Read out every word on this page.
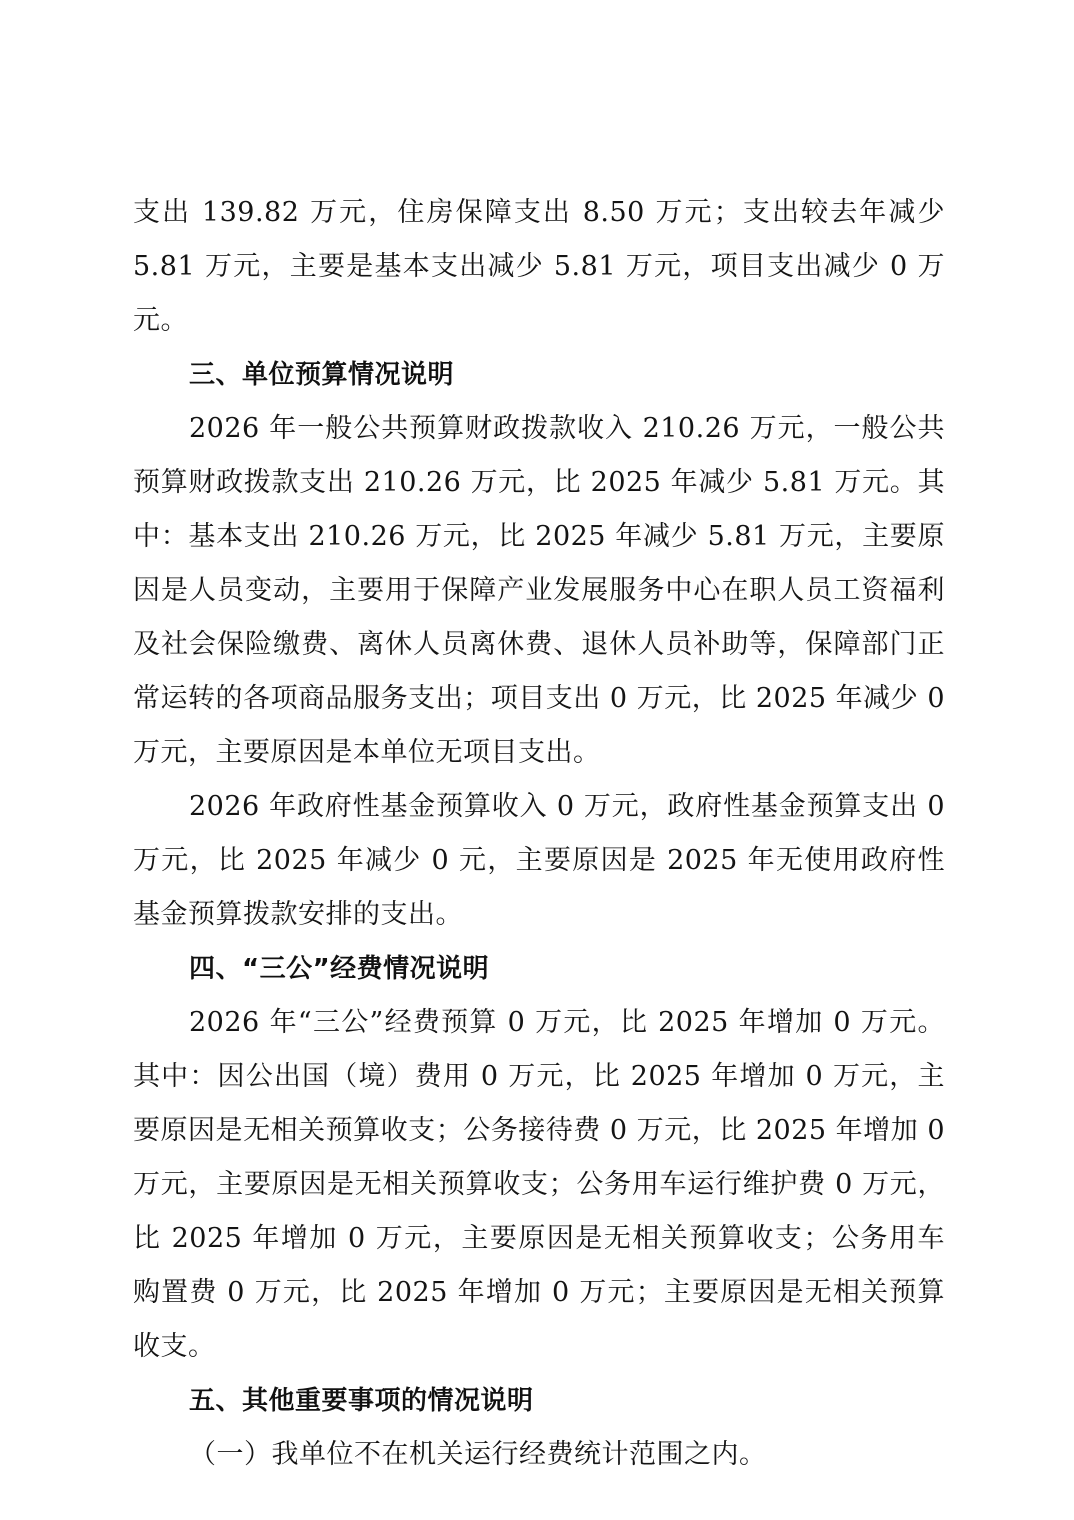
支出 139.82 万元，住房保障支出 8.50 万元；支出较去年减少 5.81 万元，主要是基本支出减少 5.81 万元，项目支出减少 0 万元。

三、单位预算情况说明

2026 年一般公共预算财政拨款收入 210.26 万元，一般公共预算财政拨款支出 210.26 万元，比 2025 年减少 5.81 万元。其中：基本支出 210.26 万元，比 2025 年减少 5.81 万元，主要原因是人员变动，主要用于保障产业发展服务中心在职人员工资福利及社会保险缴费、离休人员离休费、退休人员补助等，保障部门正常运转的各项商品服务支出；项目支出 0 万元，比 2025 年减少 0 万元，主要原因是本单位无项目支出。

2026 年政府性基金预算收入 0 万元，政府性基金预算支出 0 万元，比 2025 年减少 0 元，主要原因是 2025 年无使用政府性基金预算拨款安排的支出。

四、“三公”经费情况说明

2026 年“三公”经费预算 0 万元，比 2025 年增加 0 万元。其中：因公出国（境）费用 0 万元，比 2025 年增加 0 万元，主要原因是无相关预算收支；公务接待费 0 万元，比 2025 年增加 0 万元，主要原因是无相关预算收支；公务用车运行维护费 0 万元，比 2025 年增加 0 万元，主要原因是无相关预算收支；公务用车购置费 0 万元，比 2025 年增加 0 万元；主要原因是无相关预算收支。

五、其他重要事项的情况说明

（一）我单位不在机关运行经费统计范围之内。
